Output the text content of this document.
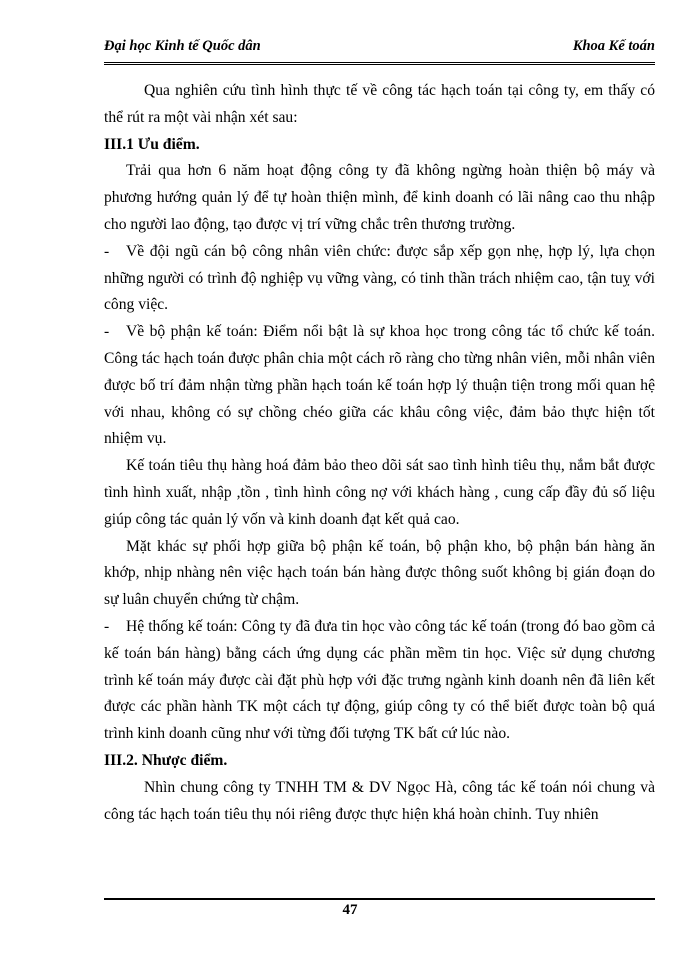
Đại học Kinh tế Quốc dân	Khoa Kế toán

Qua nghiên cứu tình hình thực tế về công tác hạch toán tại công ty, em thấy có thể rút ra một vài nhận xét sau:

III.1 Ưu điểm.

Trải qua hơn 6 năm hoạt động công ty đã không ngừng hoàn thiện bộ máy và phương hướng quản lý để tự hoàn thiện mình, để kinh doanh có lãi nâng cao thu nhập cho người lao động, tạo được vị trí vững chắc trên thương trường.

- Về đội ngũ cán bộ công nhân viên chức: được sắp xếp gọn nhẹ, hợp lý, lựa chọn những người có trình độ nghiệp vụ vững vàng, có tinh thần trách nhiệm cao, tận tuỵ với công việc.

- Về bộ phận kế toán: Điểm nổi bật là sự khoa học trong công tác tổ chức kế toán. Công tác hạch toán được phân chia một cách rõ ràng cho từng nhân viên, mỗi nhân viên được bố trí đảm nhận từng phần hạch toán kế toán hợp lý thuận tiện trong mối quan hệ với nhau, không có sự chồng chéo giữa các khâu công việc, đảm bảo thực hiện tốt nhiệm vụ.

Kế toán tiêu thụ hàng hoá đảm bảo theo dõi sát sao tình hình tiêu thụ, nắm bắt được tình hình xuất, nhập ,tồn , tình hình công nợ với khách hàng , cung cấp đầy đủ số liệu giúp công tác quản lý vốn và kinh doanh đạt kết quả cao.

Mặt khác sự phối hợp giữa bộ phận kế toán, bộ phận kho, bộ phận bán hàng ăn khớp, nhịp nhàng nên việc hạch toán bán hàng được thông suốt không bị gián đoạn do sự luân chuyển chứng từ chậm.

- Hệ thống kế toán: Công ty đã đưa tin học vào công tác kế toán (trong đó bao gồm cả kế toán bán hàng) bằng cách ứng dụng các phần mềm tin học. Việc sử dụng chương trình kế toán máy được cài đặt phù hợp với đặc trưng ngành kinh doanh nên đã liên kết được các phần hành TK một cách tự động, giúp công ty có thể biết được toàn bộ quá trình kinh doanh cũng như với từng đối tượng TK bất cứ lúc nào.

III.2. Nhược điểm.

Nhìn chung công ty TNHH TM & DV Ngọc Hà, công tác kế toán nói chung và công tác hạch toán tiêu thụ nói riêng được thực hiện khá hoàn chỉnh. Tuy nhiên

47
